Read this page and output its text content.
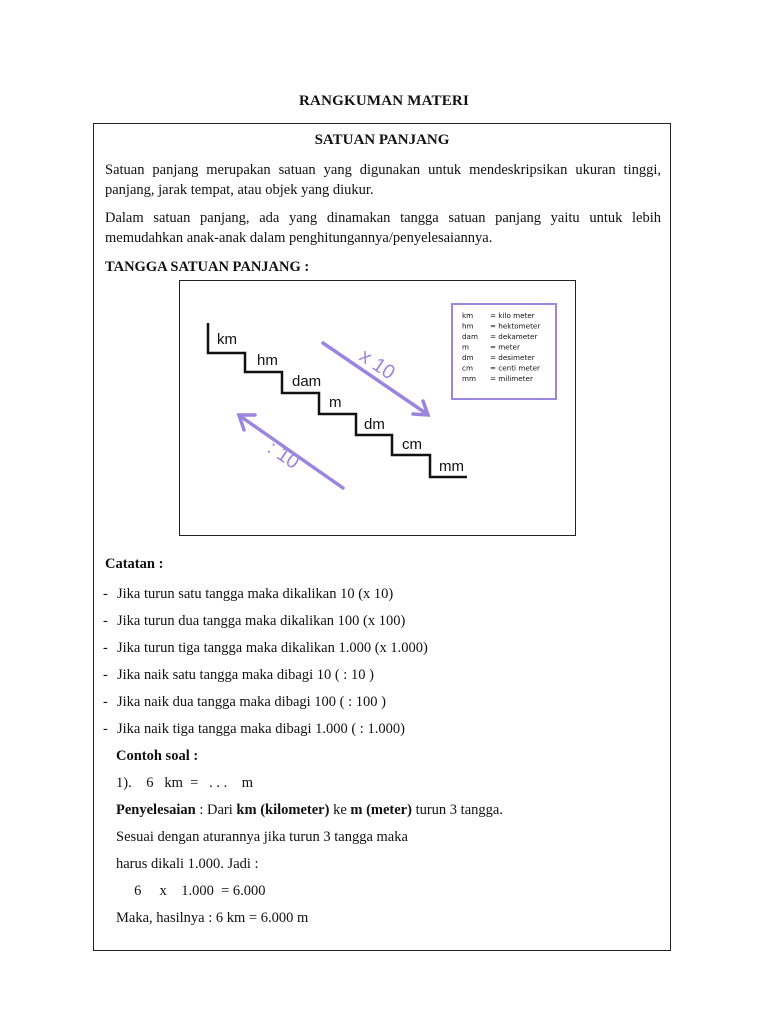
RANGKUMAN MATERI
SATUAN PANJANG
Satuan panjang merupakan satuan yang digunakan untuk mendeskripsikan ukuran tinggi, panjang, jarak tempat, atau objek yang diukur.
Dalam satuan panjang, ada yang dinamakan tangga satuan panjang yaitu untuk lebih memudahkan anak-anak dalam penghitungannya/penyelesaiannya.
TANGGA SATUAN PANJANG :
km
hm
dam
m
dm
cm
mm
x 10
: 10
km = kilo meter
hm = hektometer
dam = dekameter
m	= meter
dm = desimeter
cm = centi meter
mm = milimeter
Catatan :
- Jika turun satu tangga maka dikalikan 10 (x 10)
- Jika turun dua tangga maka dikalikan 100 (x 100)
- Jika turun tiga tangga maka dikalikan 1.000 (x 1.000)
- Jika naik satu tangga maka dibagi 10 ( : 10 )
- Jika naik dua tangga maka dibagi 100 ( : 100 )
- Jika naik tiga tangga maka dibagi 1.000 ( : 1.000)
Contoh soal :
1).    6   km  =   . . .    m
Penyelesaian : Dari km (kilometer) ke m (meter) turun 3 tangga.
Sesuai dengan aturannya jika turun 3 tangga maka
harus dikali 1.000. Jadi :
6     x    1.000  = 6.000
Maka, hasilnya : 6 km = 6.000 m
